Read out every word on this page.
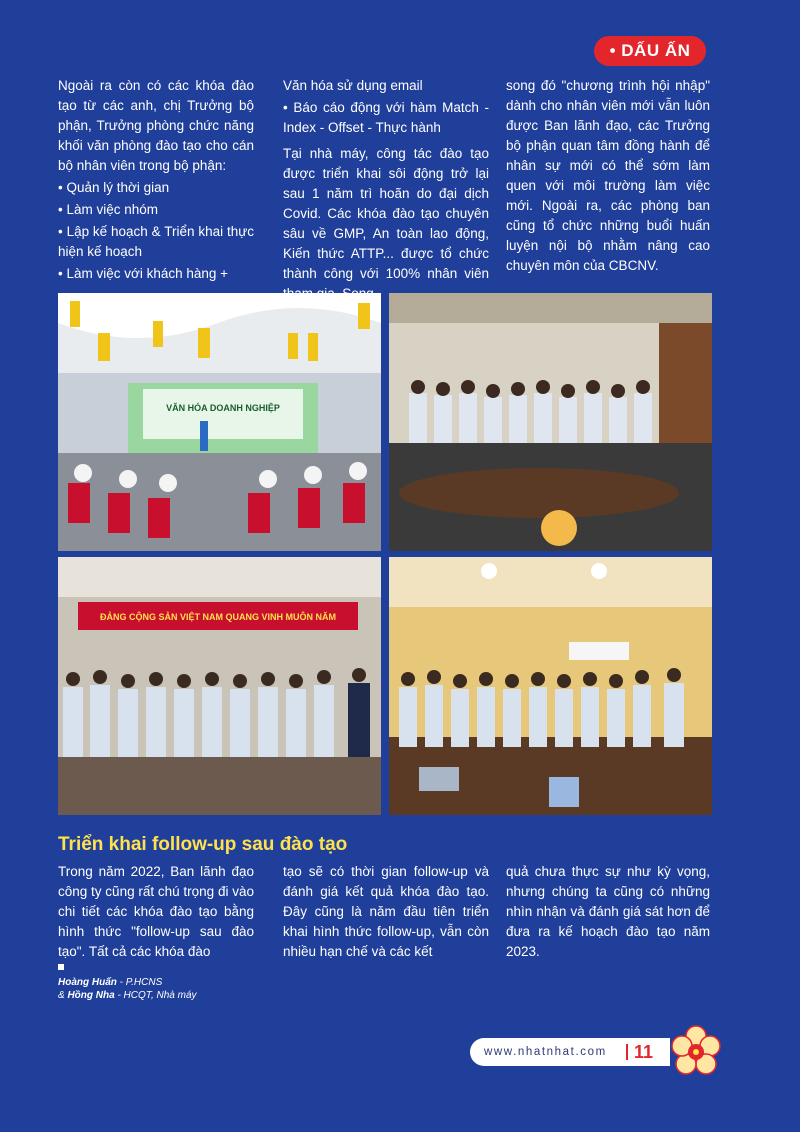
• DẤU ẤN

Ngoài ra còn có các khóa đào tạo từ các anh, chị Trưởng bộ phận, Trưởng phòng chức năng khối văn phòng đào tạo cho cán bộ nhân viên trong bộ phận:

• Quản lý thời gian

• Làm việc nhóm

• Lập kế hoạch & Triển khai thực hiện kế hoạch

• Làm việc với khách hàng +

Văn hóa sử dụng email

• Báo cáo động với hàm Match - Index - Offset - Thực hành

Tại nhà máy, công tác đào tạo được triển khai sôi động trở lại sau 1 năm trì hoãn do đại dịch Covid. Các khóa đào tạo chuyên sâu về GMP, An toàn lao động, Kiến thức ATTP... được tổ chức thành công với 100% nhân viên

song đó "chương trình hội nhập" dành cho nhân viên mới vẫn luôn được Ban lãnh đạo, các Trưởng bộ phận quan tâm đồng hành để nhân sự mới có thể sớm làm quen với môi trường làm việc mới. Ngoài ra, các phòng ban cũng tổ chức những buổi huấn luyện nội bộ nhằm nâng cao chuyên môn của CBCNV.

VĂN HÓA DOANH NGHIỆP
ĐẢNG CỘNG SẢN VIỆT NAM QUANG VINH MUÔN NĂM
Triển khai follow-up sau đào tạo

Trong năm 2022, Ban lãnh đạo công ty cũng rất chú trọng đi vào chi tiết các khóa đào tạo bằng hình thức "follow-up sau đào tạo". Tất cả các khóa đào

tạo sẽ có thời gian follow-up và đánh giá kết quả khóa đào tạo. Đây cũng là năm đầu tiên triển khai hình thức follow-up, vẫn còn nhiều hạn chế và các kết

quả chưa thực sự như kỳ vọng, nhưng chúng ta cũng có những nhìn nhận và đánh giá sát hơn để đưa ra kế hoạch đào tạo năm 2023.

Hoàng Huấn - P.HCNS
& Hồng Nha - HCQT, Nhà máy
www.nhatnhat.com 11
